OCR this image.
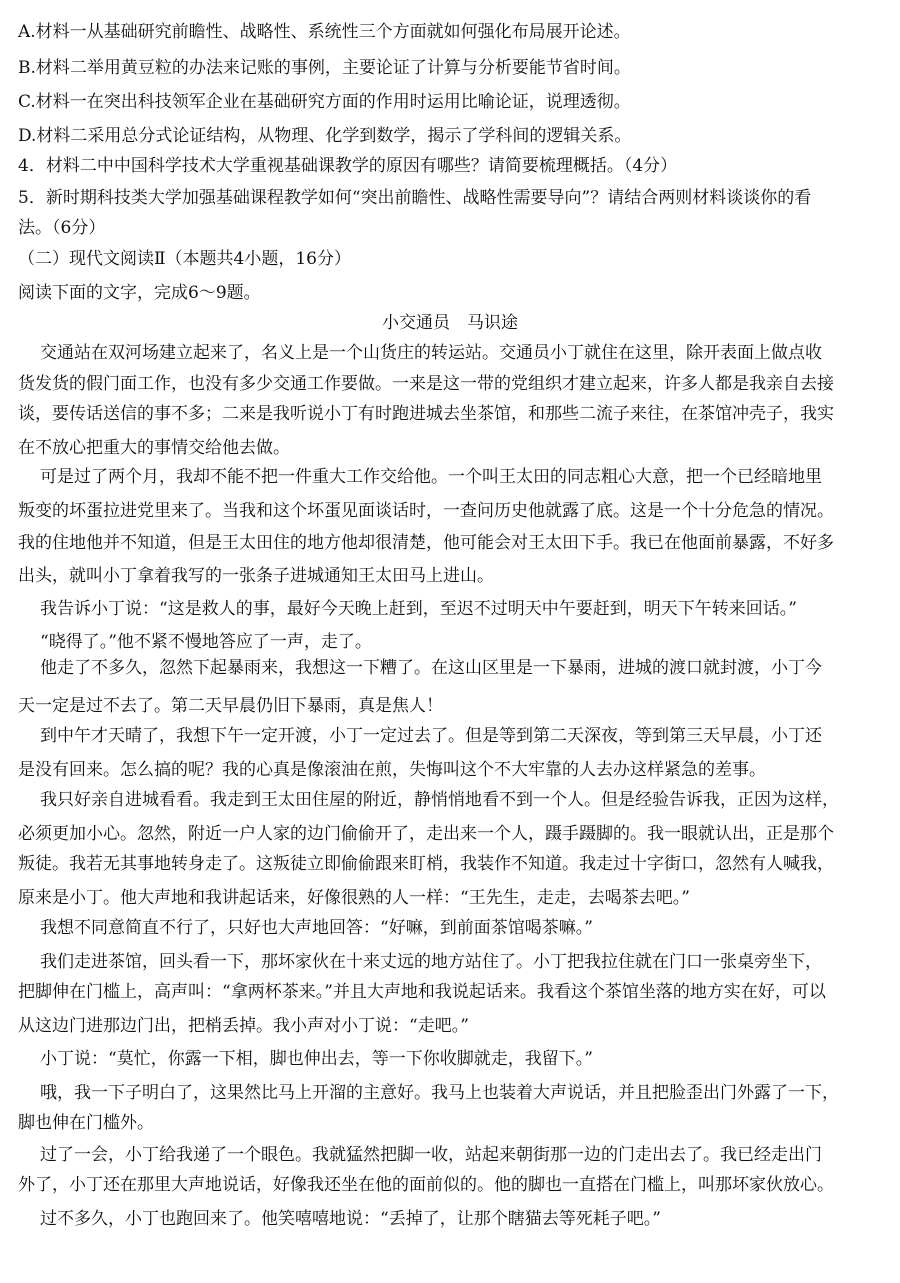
A.材料一从基础研究前瞻性、战略性、系统性三个方面就如何强化布局展开论述。
B.材料二举用黄豆粒的办法来记账的事例，主要论证了计算与分析要能节省时间。
C.材料一在突出科技领军企业在基础研究方面的作用时运用比喻论证，说理透彻。
D.材料二采用总分式论证结构，从物理、化学到数学，揭示了学科间的逻辑关系。
4．材料二中中国科学技术大学重视基础课教学的原因有哪些？请简要梳理概括。（4分）
5．新时期科技类大学加强基础课程教学如何“突出前瞻性、战略性需要导向”？请结合两则材料谈谈你的看
法。（6分）
（二）现代文阅读Ⅱ（本题共4小题，16分）
阅读下面的文字，完成6～9题。
小交通员　马识途
交通站在双河场建立起来了，名义上是一个山货庄的转运站。交通员小丁就住在这里，除开表面上做点收
货发货的假门面工作，也没有多少交通工作要做。一来是这一带的党组织才建立起来，许多人都是我亲自去接
谈，要传话送信的事不多；二来是我听说小丁有时跑进城去坐茶馆，和那些二流子来往，在茶馆冲壳子，我实
在不放心把重大的事情交给他去做。
可是过了两个月，我却不能不把一件重大工作交给他。一个叫王太田的同志粗心大意，把一个已经暗地里
叛变的坏蛋拉进党里来了。当我和这个坏蛋见面谈话时，一查问历史他就露了底。这是一个十分危急的情况。
我的住地他并不知道，但是王太田住的地方他却很清楚，他可能会对王太田下手。我已在他面前暴露，不好多
出头，就叫小丁拿着我写的一张条子进城通知王太田马上进山。
我告诉小丁说：“这是救人的事，最好今天晚上赶到，至迟不过明天中午要赶到，明天下午转来回话。”
“晓得了。”他不紧不慢地答应了一声，走了。
他走了不多久，忽然下起暴雨来，我想这一下糟了。在这山区里是一下暴雨，进城的渡口就封渡，小丁今
天一定是过不去了。第二天早晨仍旧下暴雨，真是焦人！
到中午才天晴了，我想下午一定开渡，小丁一定过去了。但是等到第二天深夜，等到第三天早晨，小丁还
是没有回来。怎么搞的呢？我的心真是像滚油在煎，失悔叫这个不大牢靠的人去办这样紧急的差事。
我只好亲自进城看看。我走到王太田住屋的附近，静悄悄地看不到一个人。但是经验告诉我，正因为这样，
必须更加小心。忽然，附近一户人家的边门偷偷开了，走出来一个人，蹑手蹑脚的。我一眼就认出，正是那个
叛徒。我若无其事地转身走了。这叛徒立即偷偷跟来盯梢，我装作不知道。我走过十字街口，忽然有人喊我，
原来是小丁。他大声地和我讲起话来，好像很熟的人一样：“王先生，走走，去喝茶去吧。”
我想不同意简直不行了，只好也大声地回答：“好嘛，到前面茶馆喝茶嘛。”
我们走进茶馆，回头看一下，那坏家伙在十来丈远的地方站住了。小丁把我拉住就在门口一张桌旁坐下，
把脚伸在门槛上，高声叫：“拿两杯茶来。”并且大声地和我说起话来。我看这个茶馆坐落的地方实在好，可以
从这边门进那边门出，把梢丢掉。我小声对小丁说：“走吧。”
小丁说：“莫忙，你露一下相，脚也伸出去，等一下你收脚就走，我留下。”
哦，我一下子明白了，这果然比马上开溜的主意好。我马上也装着大声说话，并且把脸歪出门外露了一下，
脚也伸在门槛外。
过了一会，小丁给我递了一个眼色。我就猛然把脚一收，站起来朝街那一边的门走出去了。我已经走出门
外了，小丁还在那里大声地说话，好像我还坐在他的面前似的。他的脚也一直搭在门槛上，叫那坏家伙放心。
过不多久，小丁也跑回来了。他笑嘻嘻地说：“丢掉了，让那个瞎猫去等死耗子吧。”
